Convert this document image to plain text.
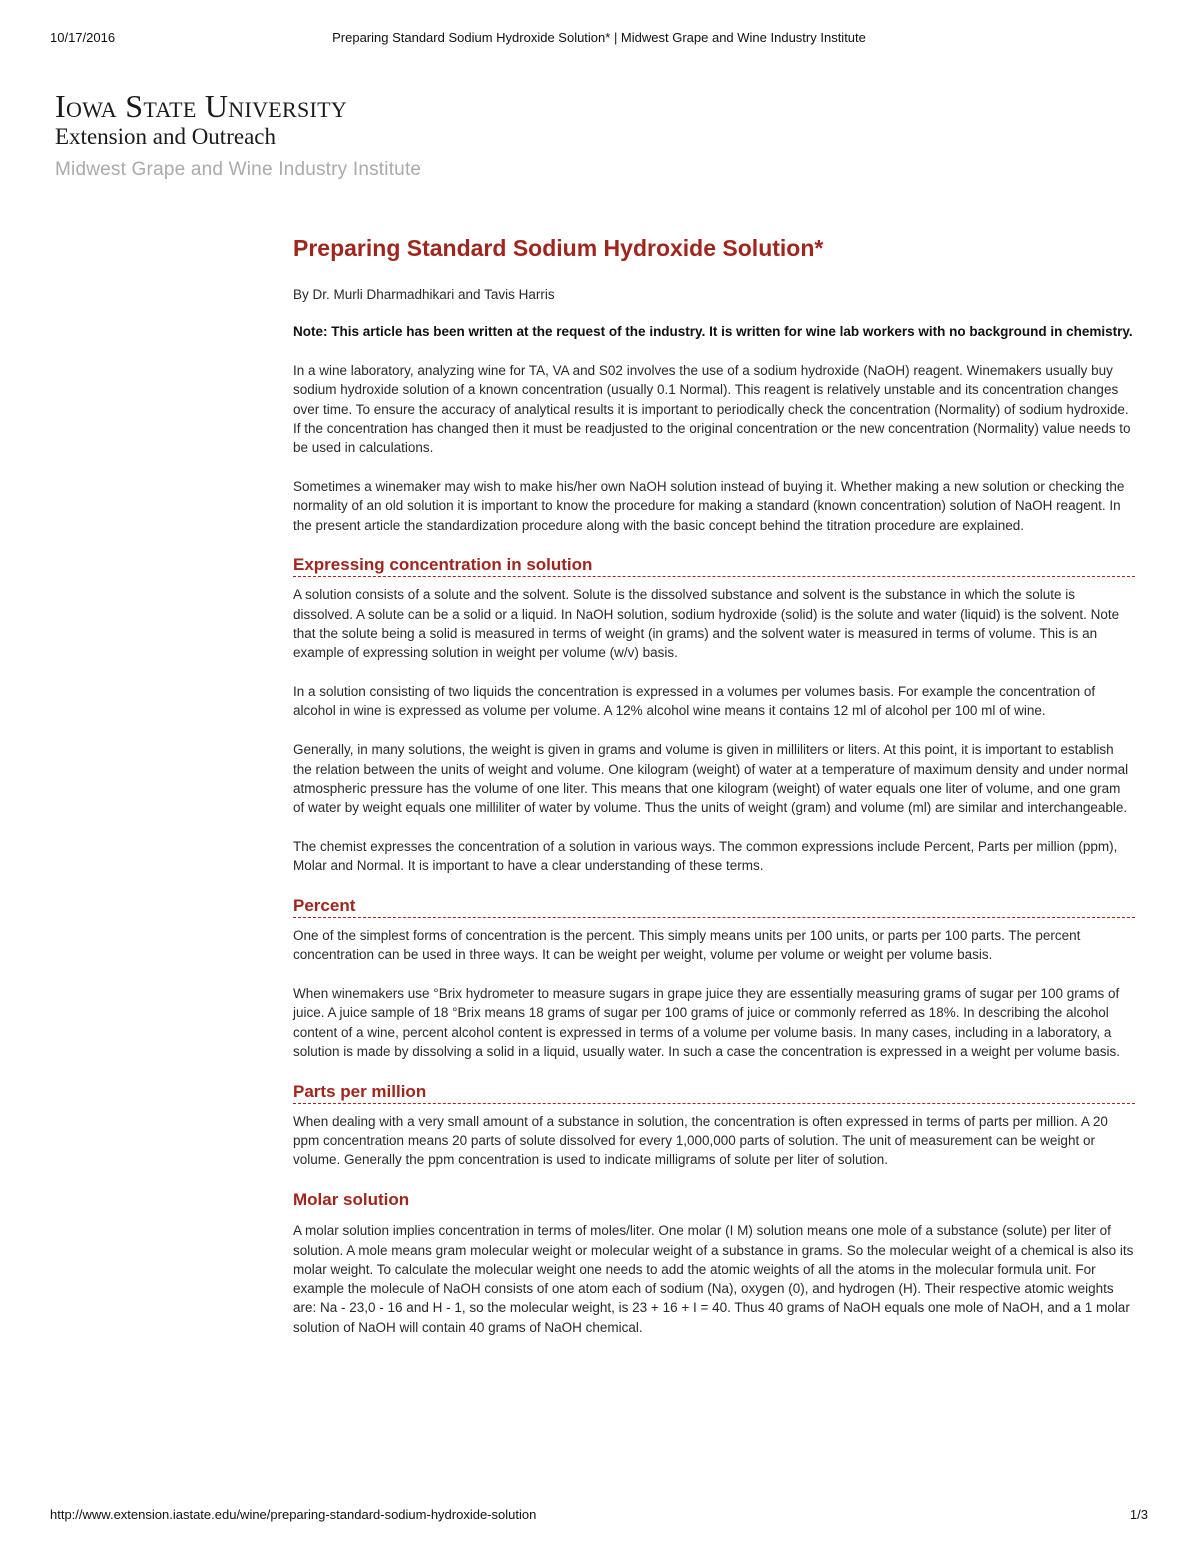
10/17/2016	Preparing Standard Sodium Hydroxide Solution* | Midwest Grape and Wine Industry Institute
Iowa State University
Extension and Outreach
Midwest Grape and Wine Industry Institute
Preparing Standard Sodium Hydroxide Solution*

By Dr. Murli Dharmadhikari and Tavis Harris

Note: This article has been written at the request of the industry. It is written for wine lab workers with no background in chemistry.

In a wine laboratory, analyzing wine for TA, VA and S02 involves the use of a sodium hydroxide (NaOH) reagent. Winemakers usually buy sodium hydroxide solution of a known concentration (usually 0.1 Normal). This reagent is relatively unstable and its concentration changes over time. To ensure the accuracy of analytical results it is important to periodically check the concentration (Normality) of sodium hydroxide. If the concentration has changed then it must be readjusted to the original concentration or the new concentration (Normality) value needs to be used in calculations.

Sometimes a winemaker may wish to make his/her own NaOH solution instead of buying it. Whether making a new solution or checking the normality of an old solution it is important to know the procedure for making a standard (known concentration) solution of NaOH reagent. In the present article the standardization procedure along with the basic concept behind the titration procedure are explained.

Expressing concentration in solution

A solution consists of a solute and the solvent. Solute is the dissolved substance and solvent is the substance in which the solute is dissolved. A solute can be a solid or a liquid. In NaOH solution, sodium hydroxide (solid) is the solute and water (liquid) is the solvent. Note that the solute being a solid is measured in terms of weight (in grams) and the solvent water is measured in terms of volume. This is an example of expressing solution in weight per volume (w/v) basis.

In a solution consisting of two liquids the concentration is expressed in a volumes per volumes basis. For example the concentration of alcohol in wine is expressed as volume per volume. A 12% alcohol wine means it contains 12 ml of alcohol per 100 ml of wine.

Generally, in many solutions, the weight is given in grams and volume is given in milliliters or liters. At this point, it is important to establish the relation between the units of weight and volume. One kilogram (weight) of water at a temperature of maximum density and under normal atmospheric pressure has the volume of one liter. This means that one kilogram (weight) of water equals one liter of volume, and one gram of water by weight equals one milliliter of water by volume. Thus the units of weight (gram) and volume (ml) are similar and interchangeable.

The chemist expresses the concentration of a solution in various ways. The common expressions include Percent, Parts per million (ppm), Molar and Normal. It is important to have a clear understanding of these terms.

Percent

One of the simplest forms of concentration is the percent. This simply means units per 100 units, or parts per 100 parts. The percent concentration can be used in three ways. It can be weight per weight, volume per volume or weight per volume basis.

When winemakers use °Brix hydrometer to measure sugars in grape juice they are essentially measuring grams of sugar per 100 grams of juice. A juice sample of 18 °Brix means 18 grams of sugar per 100 grams of juice or commonly referred as 18%. In describing the alcohol content of a wine, percent alcohol content is expressed in terms of a volume per volume basis. In many cases, including in a laboratory, a solution is made by dissolving a solid in a liquid, usually water. In such a case the concentration is expressed in a weight per volume basis.

Parts per million

When dealing with a very small amount of a substance in solution, the concentration is often expressed in terms of parts per million. A 20 ppm concentration means 20 parts of solute dissolved for every 1,000,000 parts of solution. The unit of measurement can be weight or volume. Generally the ppm concentration is used to indicate milligrams of solute per liter of solution.

Molar solution

A molar solution implies concentration in terms of moles/liter. One molar (I M) solution means one mole of a substance (solute) per liter of solution. A mole means gram molecular weight or molecular weight of a substance in grams. So the molecular weight of a chemical is also its molar weight. To calculate the molecular weight one needs to add the atomic weights of all the atoms in the molecular formula unit. For example the molecule of NaOH consists of one atom each of sodium (Na), oxygen (0), and hydrogen (H). Their respective atomic weights are: Na - 23,0 - 16 and H - 1, so the molecular weight, is 23 + 16 + I = 40. Thus 40 grams of NaOH equals one mole of NaOH, and a 1 molar solution of NaOH will contain 40 grams of NaOH chemical.

http://www.extension.iastate.edu/wine/preparing-standard-sodium-hydroxide-solution	1/3
